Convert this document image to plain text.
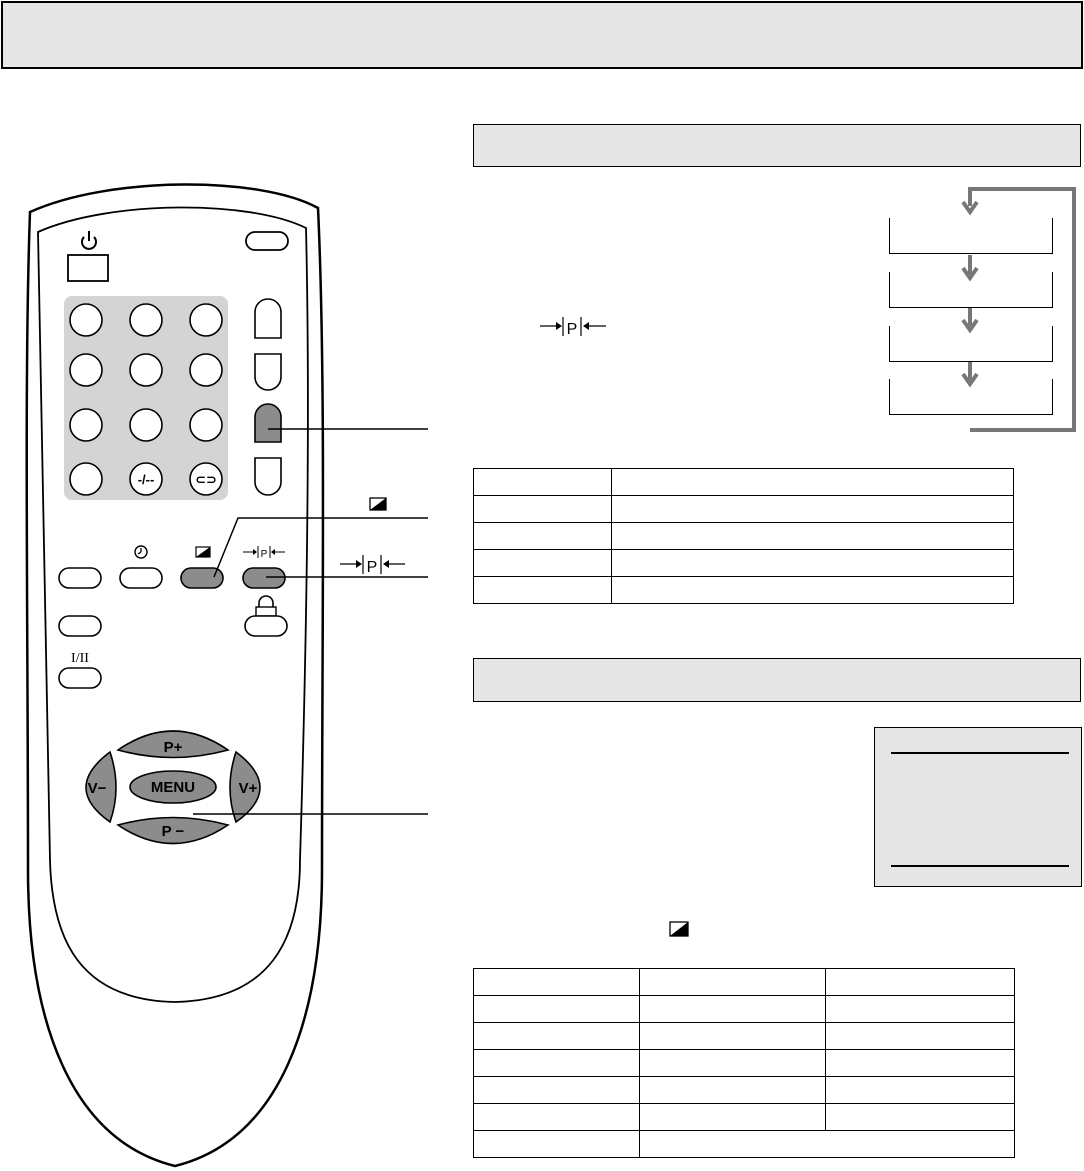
-/--	⊂⊃
P
I/II
P+
P −
V−	V+
MENU
P
P
